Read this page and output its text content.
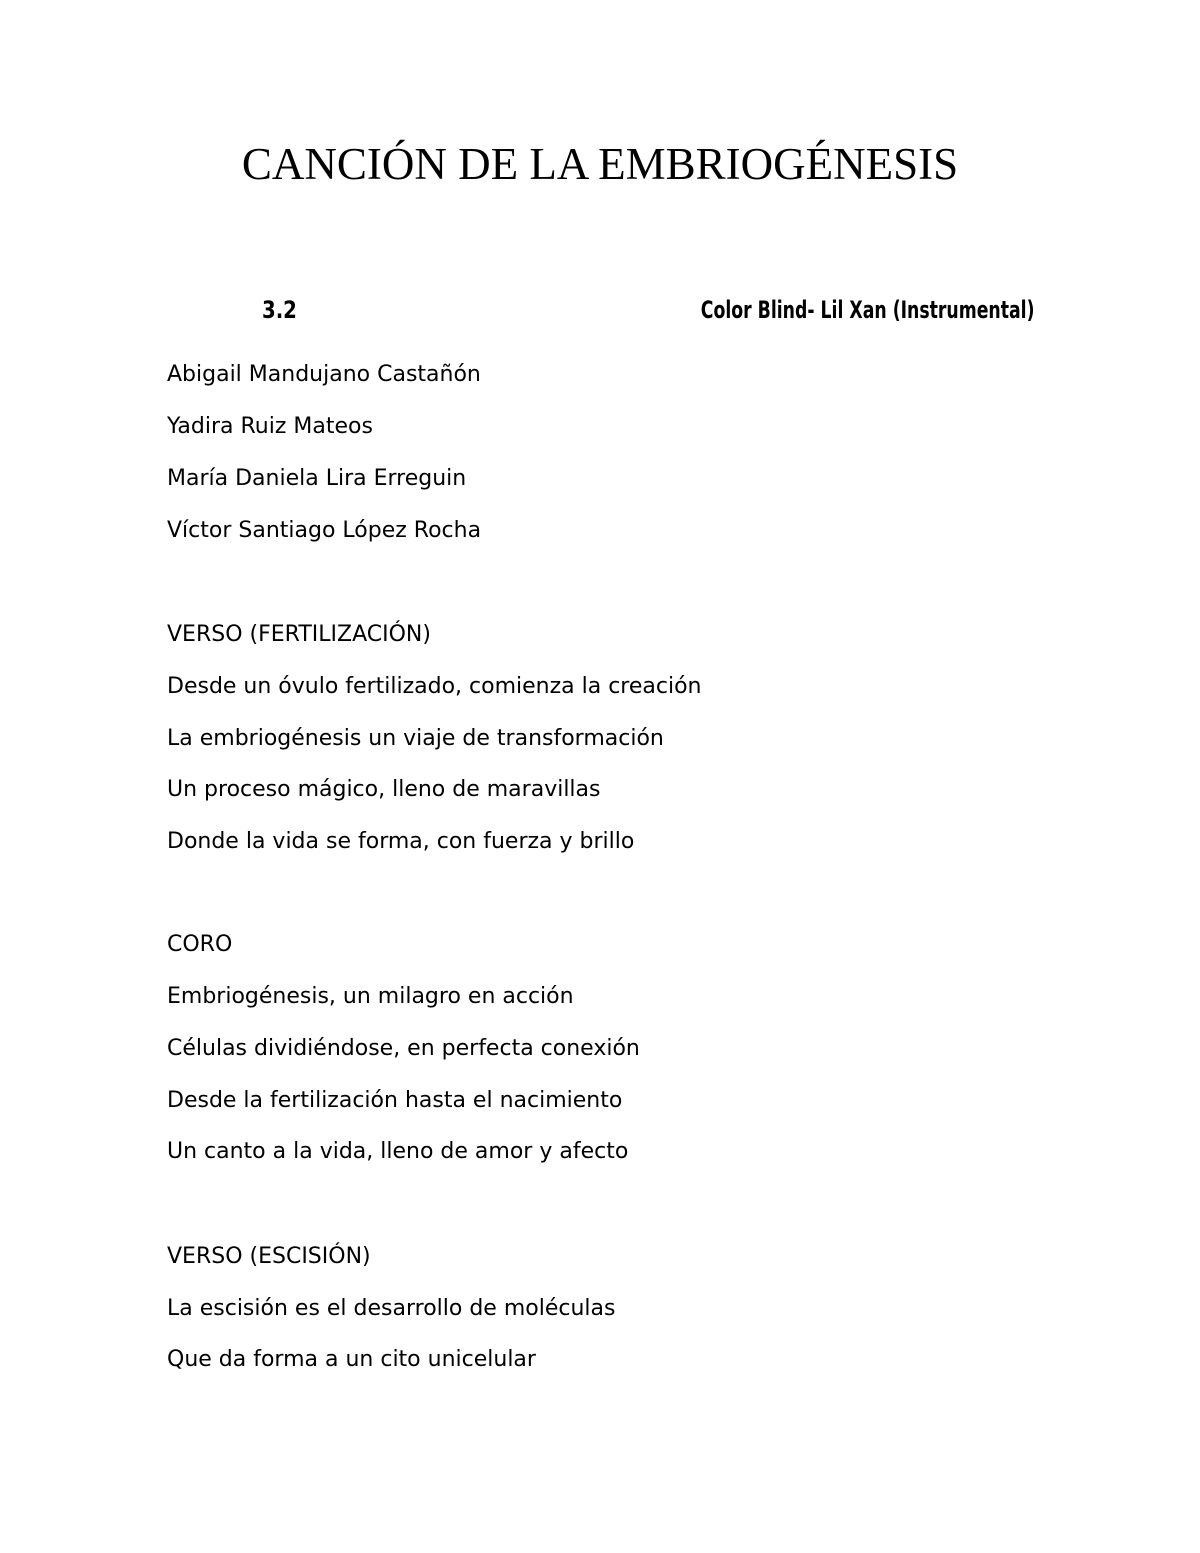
CANCIÓN DE LA EMBRIOGÉNESIS
3.2	Color Blind- Lil Xan (Instrumental)
Abigail Mandujano Castañón
Yadira Ruiz Mateos
María Daniela Lira Erreguin
Víctor Santiago López Rocha
VERSO (FERTILIZACIÓN)
Desde un óvulo fertilizado, comienza la creación
La embriogénesis un viaje de transformación
Un proceso mágico, lleno de maravillas
Donde la vida se forma, con fuerza y brillo
CORO
Embriogénesis, un milagro en acción
Células dividiéndose, en perfecta conexión
Desde la fertilización hasta el nacimiento
Un canto a la vida, lleno de amor y afecto
VERSO (ESCISIÓN)
La escisión es el desarrollo de moléculas
Que da forma a un cito unicelular
